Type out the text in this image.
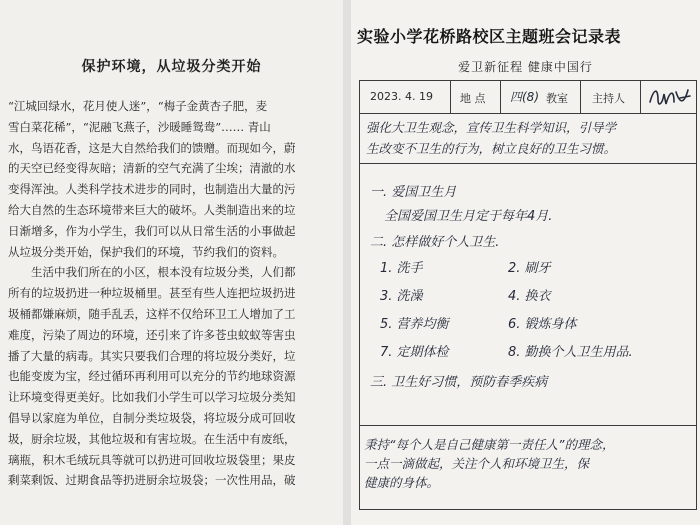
保护环境，从垃圾分类开始
“江城回绿水，花月使人迷”，“梅子金黄杏子肥，麦
雪白菜花稀”，“泥融飞燕子，沙暖睡鸳鸯”…… 青山
水，鸟语花香，这是大自然给我们的馈赠。而现如今，蔚
的天空已经变得灰暗；清新的空气充满了尘埃；清澈的水
变得浑浊。人类科学技术进步的同时，也制造出大量的污
给大自然的生态环境带来巨大的破坏。人类制造出来的垃
日渐增多，作为小学生，我们可以从日常生活的小事做起
从垃圾分类开始，保护我们的环境，节约我们的资料。
　　生活中我们所在的小区，根本没有垃圾分类，人们都
所有的垃圾扔进一种垃圾桶里。甚至有些人连把垃圾扔进
圾桶都嫌麻烦，随手乱丢，这样不仅给环卫工人增加了工
难度，污染了周边的环境，还引来了许多苍虫蚊蚁等害虫
播了大量的病毒。其实只要我们合理的将垃圾分类好，垃
也能变废为宝，经过循环再利用可以充分的节约地球资源
让环境变得更美好。比如我们小学生可以学习垃圾分类知
倡导以家庭为单位，自制分类垃圾袋，将垃圾分成可回收
圾，厨余垃圾，其他垃圾和有害垃圾。在生活中有废纸，
璃瓶，积木毛绒玩具等就可以扔进可回收垃圾袋里；果皮
剩菜剩饭、过期食品等扔进厨余垃圾袋；一次性用品，破
实验小学花桥路校区主题班会记录表
爱卫新征程 健康中国行
2023. 4. 19 地 点 四(8) 教室 主持人
强化大卫生观念，宣传卫生科学知识，引导学
生改变不卫生的行为，树立良好的卫生习惯。
一. 爱国卫生月
全国爱国卫生月定于每年4月.
二. 怎样做好个人卫生.
1. 洗手	2. 刷牙
3. 洗澡	4. 换衣
5. 营养均衡	6. 锻炼身体
7. 定期体检	8. 勤换个人卫生用品.
三. 卫生好习惯，预防春季疾病
秉持“每个人是自己健康第一责任人”的理念，
一点一滴做起，关注个人和环境卫生，保
健康的身体。
